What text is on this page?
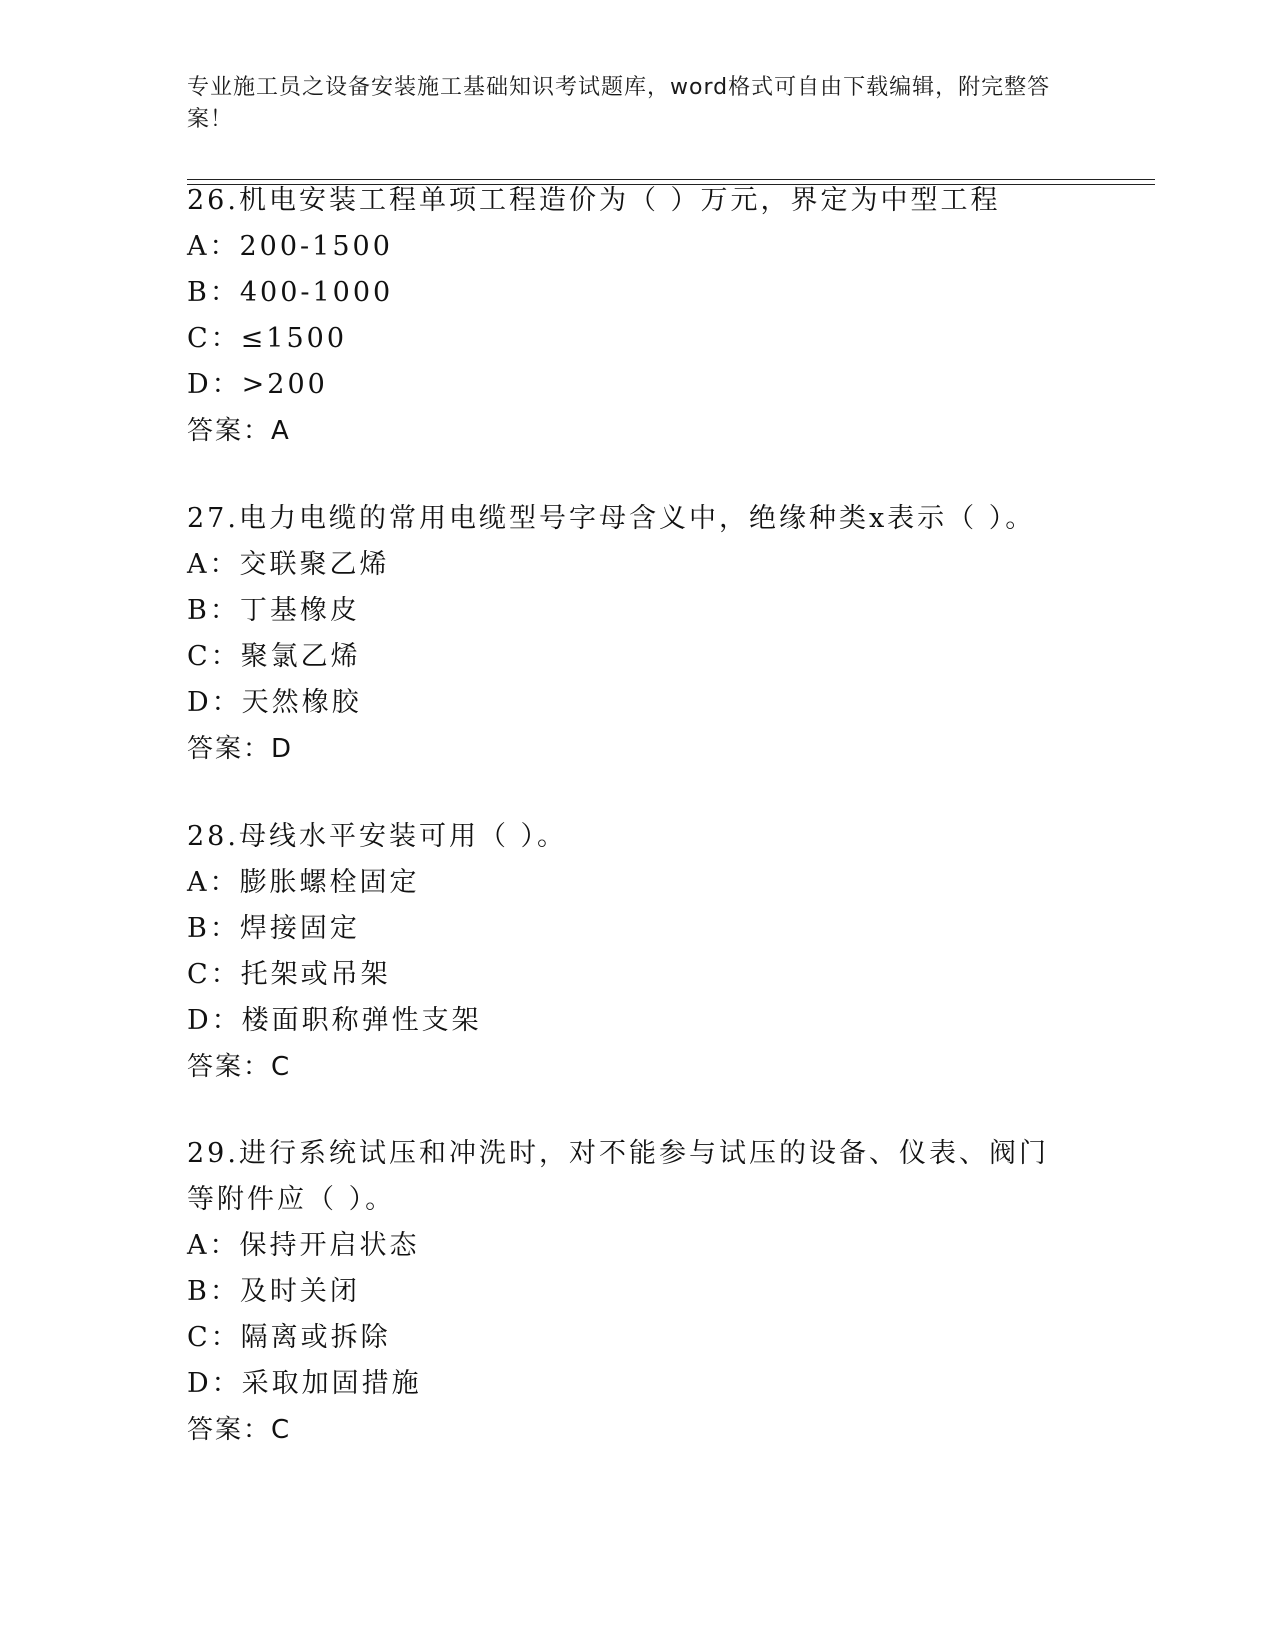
专业施工员之设备安装施工基础知识考试题库，word格式可自由下载编辑，附完整答案！
26.机电安装工程单项工程造价为（ ）万元，界定为中型工程
A：200-1500
B：400-1000
C：≤1500
D：>200
答案：A
27.电力电缆的常用电缆型号字母含义中，绝缘种类x表示（ ）。
A：交联聚乙烯
B：丁基橡皮
C：聚氯乙烯
D：天然橡胶
答案：D
28.母线水平安装可用（ ）。
A：膨胀螺栓固定
B：焊接固定
C：托架或吊架
D：楼面职称弹性支架
答案：C
29.进行系统试压和冲洗时，对不能参与试压的设备、仪表、阀门等附件应（ ）。
A：保持开启状态
B：及时关闭
C：隔离或拆除
D：采取加固措施
答案：C
